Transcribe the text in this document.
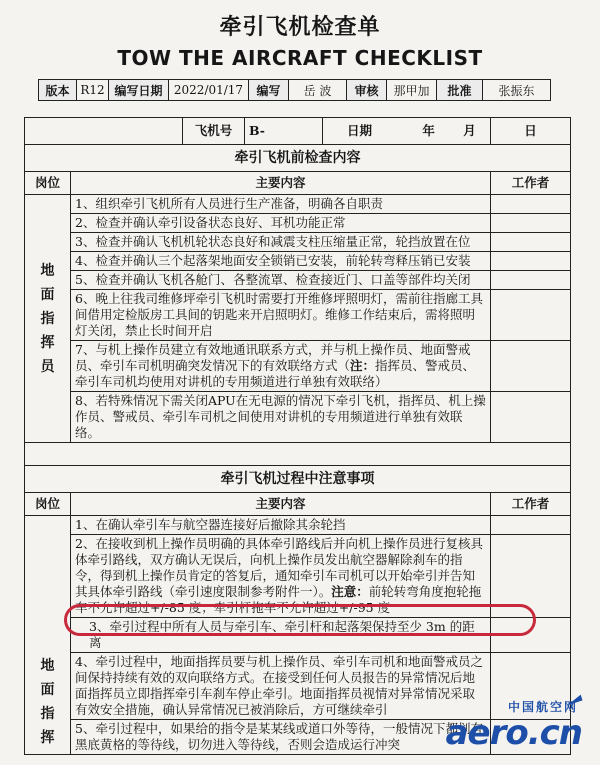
牵引飞机检查单
TOW THE AIRCRAFT CHECKLIST
版本	R12	编写日期	2022/01/17	编写	岳 波	审核	那甲加	批准	张振东
		飞机号	B-	日期 年 月	日
牵引飞机前检查内容					
岗位	主要内容				工作者

地
面
指
挥
员	1、组织牵引飞机所有人员进行生产准备，明确各自职责				
	2、检查并确认牵引设备状态良好、耳机功能正常				
	3、检查并确认飞机机轮状态良好和减震支柱压缩量正常，轮挡放置在位				
	4、检查并确认三个起落架地面安全锁销已安装，前轮转弯释压销已安装				
	5、检查并确认飞机各舱门、各整流罩、检查接近门、口盖等部件均关闭				
	6、晚上往我司维修坪牵引飞机时需要打开维修坪照明灯，需前往指廊工具间借用定检版房工具间的钥匙来开启照明灯。维修工作结束后，需将照明灯关闭，禁止长时间开启				
	7、与机上操作员建立有效地通讯联系方式，并与机上操作员、地面警戒员、牵引车司机明确突发情况下的有效联络方式（注：指挥员、警戒员、牵引车司机均使用对讲机的专用频道进行单独有效联络）				
	8、若特殊情况下需关闭APU在无电源的情况下牵引飞机，指挥员、机上操作员、警戒员、牵引车司机之间使用对讲机的专用频道进行单独有效联络。				

牵引飞机过程中注意事项					
岗位	主要内容				工作者

地
面
指
挥	1、在确认牵引车与航空器连接好后撤除其余轮挡				
	2、在接收到机上操作员明确的具体牵引路线后并向机上操作员进行复核具体牵引路线，双方确认无误后，向机上操作员发出航空器解除刹车的指令，得到机上操作员肯定的答复后，通知牵引车司机可以开始牵引并告知其具体牵引路线（牵引速度限制参考附件一）。注意：前轮转弯角度抱轮拖车不允许超过+/-85 度；牵引杆拖车不允许超过+/-95 度				
	3、牵引过程中所有人员与牵引车、牵引杆和起落架保持至少 3m 的距离				
	4、牵引过程中，地面指挥员要与机上操作员、牵引车司机和地面警戒员之间保持持续有效的双向联络方式。在接受到任何人员报告的异常情况后地面指挥员立即指挥牵引车刹车停止牵引。地面指挥员视情对异常情况采取有效安全措施，确认异常情况已被消除后，方可继续牵引				
	5、牵引过程中，如果给的指令是某某线或道口外等待，一般情况下都划有黑底黄格的等待线，切勿进入等待线，否则会造成运行冲突				
中国航空网
aero.cn
